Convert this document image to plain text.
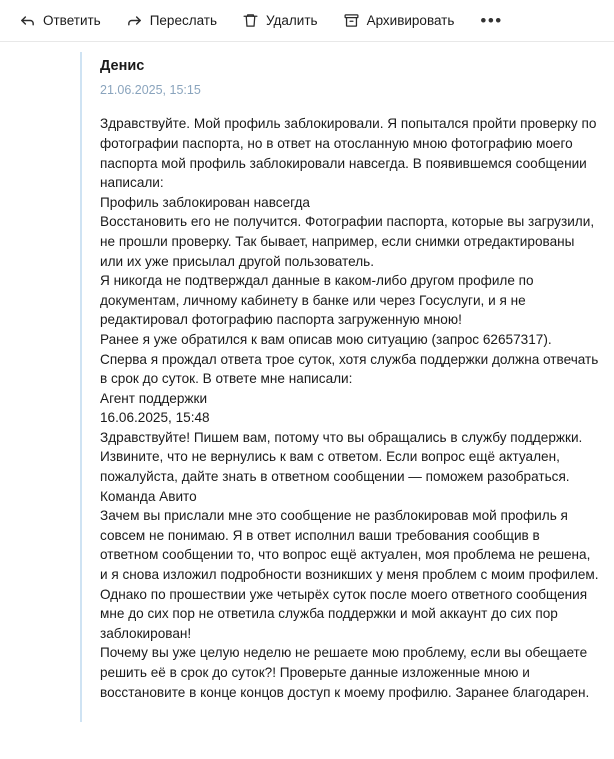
Ответить	Переслать	Удалить	Архивировать	•••
Денис
21.06.2025, 15:15

Здравствуйте. Мой профиль заблокировали. Я попытался пройти проверку по фотографии паспорта, но в ответ на отосланную мною фотографию моего паспорта мой профиль заблокировали навсегда. В появившемся сообщении написали:

Профиль заблокирован навсегда

Восстановить его не получится. Фотографии паспорта, которые вы загрузили, не прошли проверку. Так бывает, например, если снимки отредактированы или их уже присылал другой пользователь.

Я никогда не подтверждал данные в каком-либо другом профиле по документам, личному кабинету в банке или через Госуслуги, и я не редактировал фотографию паспорта загруженную мною!

Ранее я уже обратился к вам описав мою ситуацию (запрос 62657317). Сперва я прождал ответа трое суток, хотя служба поддержки должна отвечать в срок до суток. В ответе мне написали:

Агент поддержки

16.06.2025, 15:48

Здравствуйте! Пишем вам, потому что вы обращались в службу поддержки. Извините, что не вернулись к вам с ответом. Если вопрос ещё актуален, пожалуйста, дайте знать в ответном сообщении — поможем разобраться.

Команда Авито

Зачем вы прислали мне это сообщение не разблокировав мой профиль я совсем не понимаю. Я в ответ исполнил ваши требования сообщив в ответном сообщении то, что вопрос ещё актуален, моя проблема не решена, и я снова изложил подробности возникших у меня проблем с моим профилем. Однако по прошествии уже четырёх суток после моего ответного сообщения мне до сих пор не ответила служба поддержки и мой аккаунт до сих пор заблокирован!

Почему вы уже целую неделю не решаете мою проблему, если вы обещаете решить её в срок до суток?! Проверьте данные изложенные мною и восстановите в конце концов доступ к моему профилю. Заранее благодарен.
